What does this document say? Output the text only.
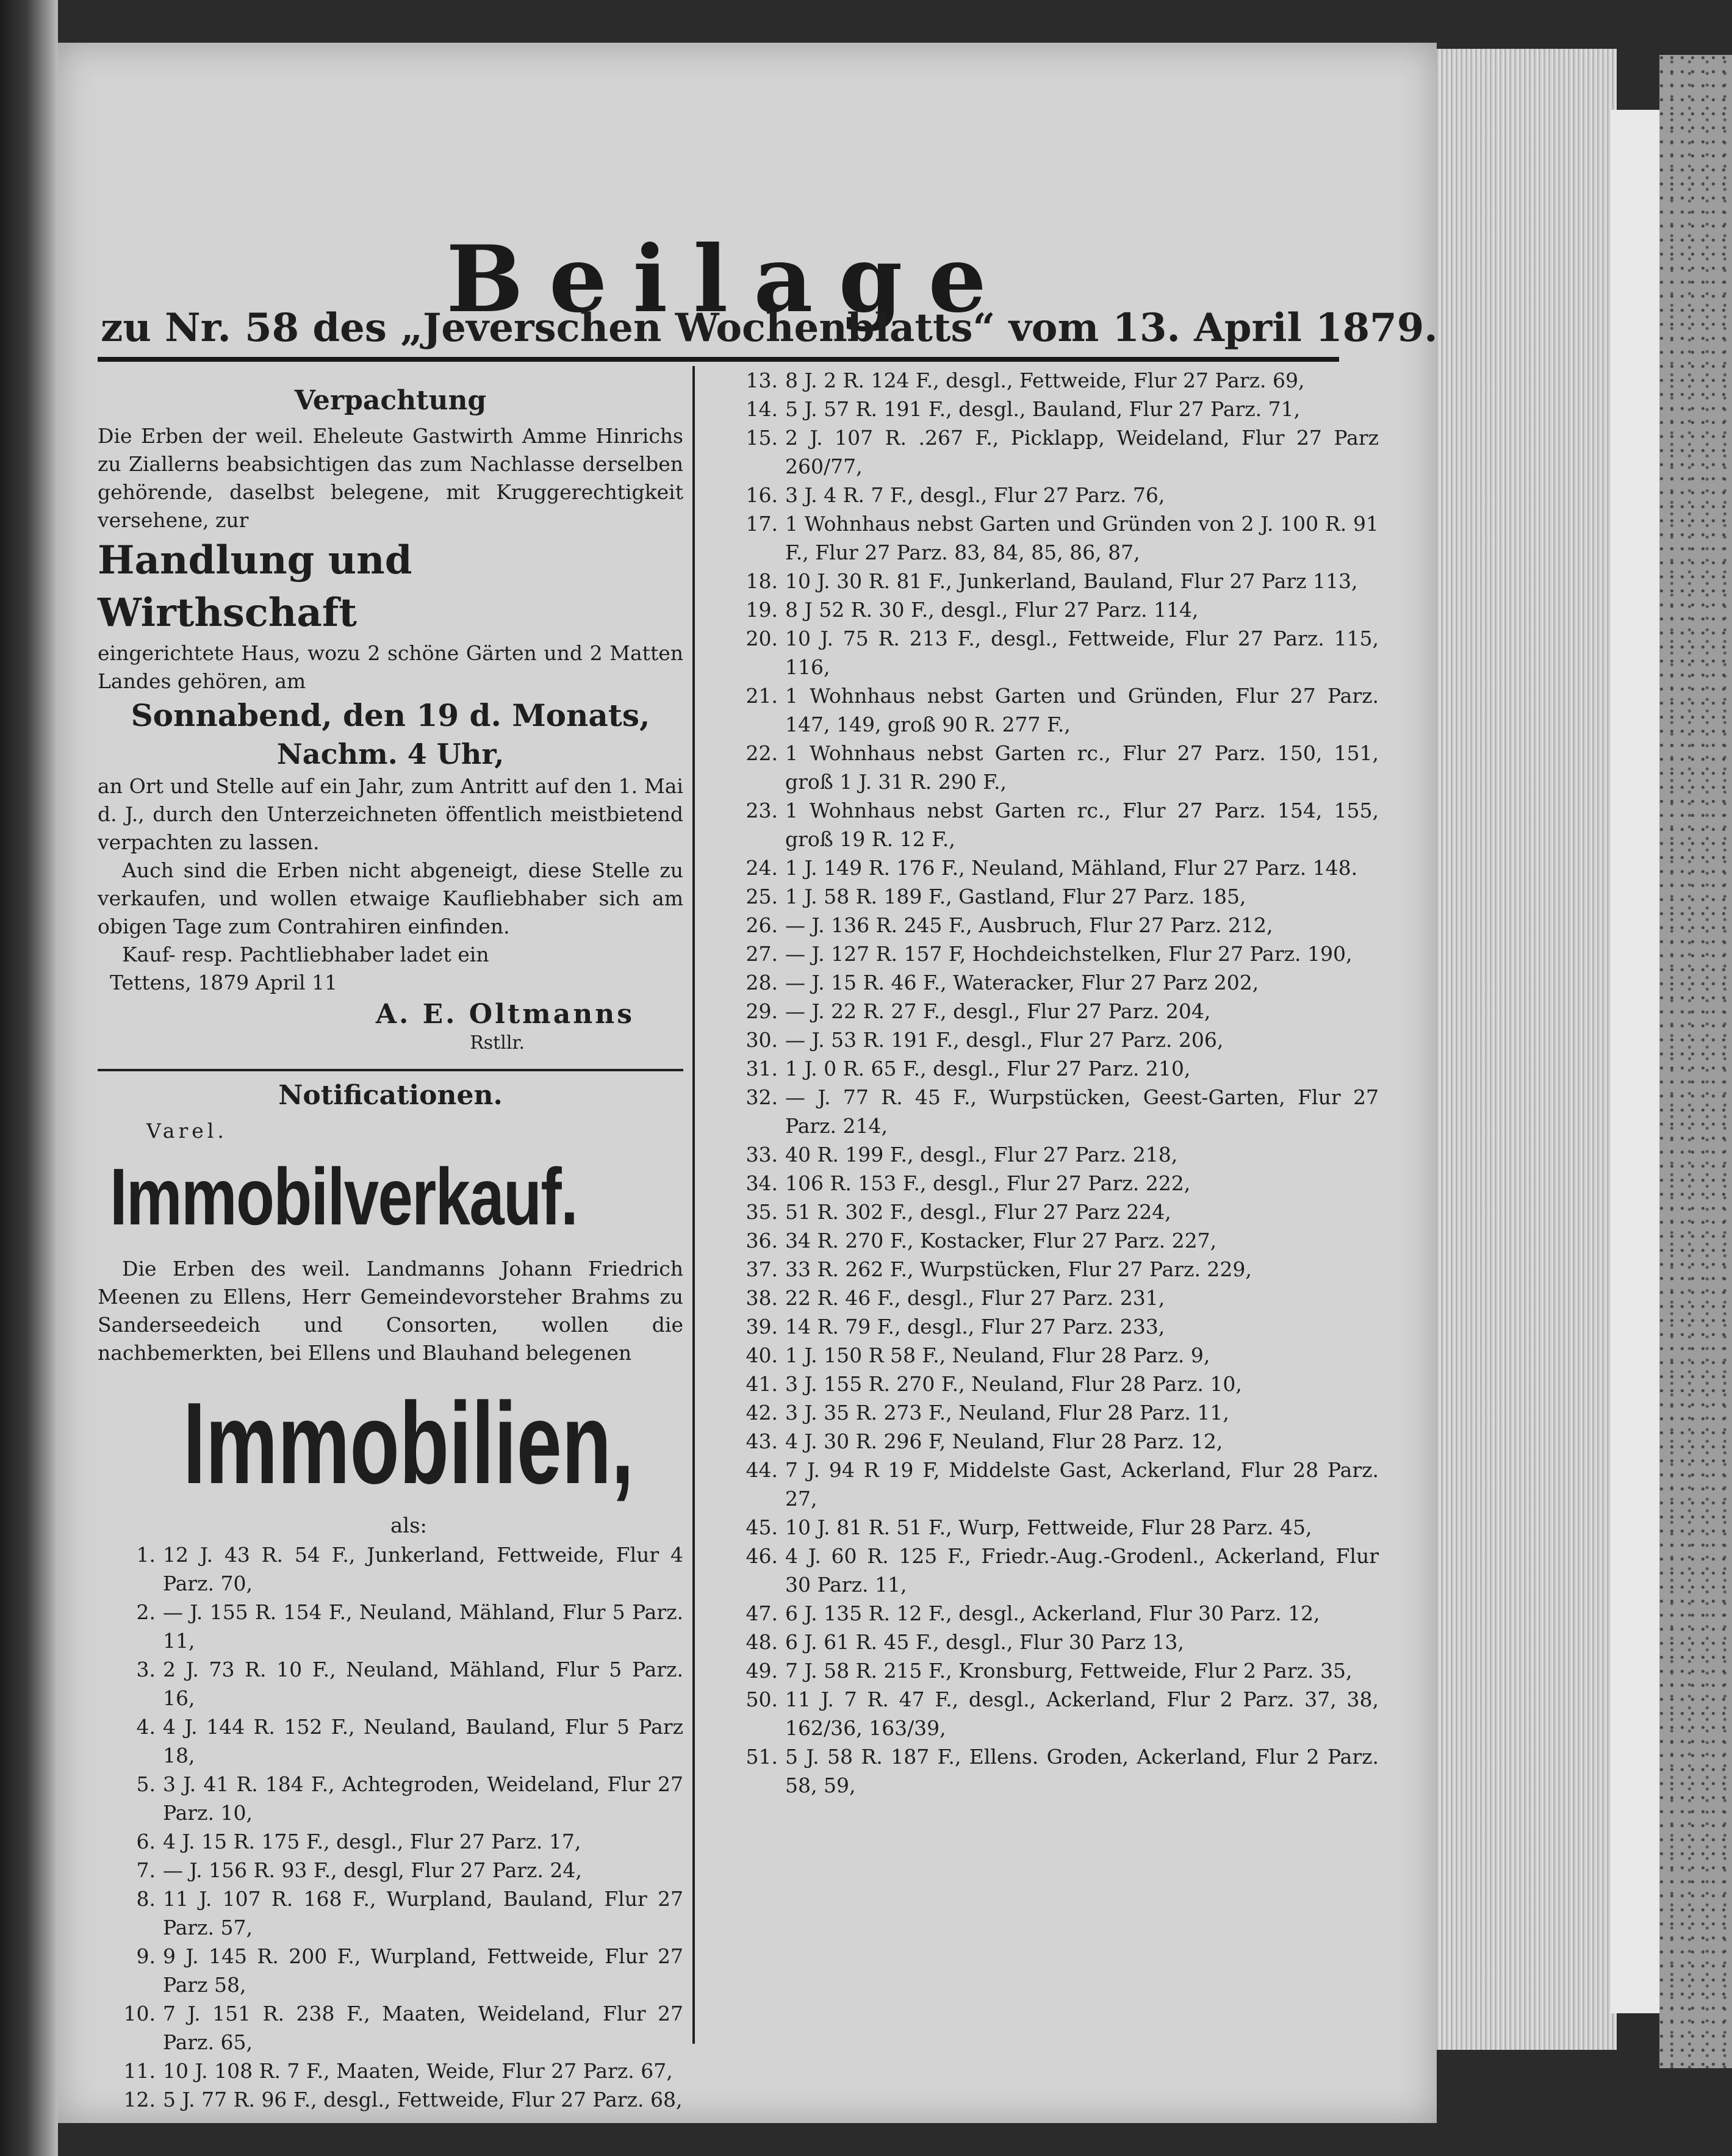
Beilage
zu Nr. 58 des „Jeverschen Wochenblatts“ vom 13. April 1879.
Verpachtung

Die Erben der weil. Eheleute Gastwirth Amme Hinrichs zu Ziallerns beabsichtigen das zum Nachlasse derselben gehörende, daselbst belegene, mit Kruggerechtigkeit versehene, zur

Handlung und Wirthschaft

eingerichtete Haus, wozu 2 schöne Gärten und 2 Matten Landes gehören, am

Sonnabend, den 19 d. Monats,
Nachm. 4 Uhr,

an Ort und Stelle auf ein Jahr, zum Antritt auf den 1. Mai d. J., durch den Unterzeichneten öffentlich meistbietend verpachten zu lassen.

Auch sind die Erben nicht abgeneigt, diese Stelle zu verkaufen, und wollen etwaige Kaufliebhaber sich am obigen Tage zum Contrahiren einfinden.

Kauf- resp. Pachtliebhaber ladet ein

Tettens, 1879 April 11

A. E. Oltmanns
Rstllr.
Notificationen.
Varel.
Immobilverkauf.

Die Erben des weil. Landmanns Johann Friedrich Meenen zu Ellens, Herr Gemeindevorsteher Brahms zu Sanderseedeich und Consorten, wollen die nachbemerkten, bei Ellens und Blauhand belegenen

Immobilien,
als:
1. 12 J. 43 R. 54 F., Junkerland, Fettweide, Flur 4 Parz. 70,
2. — J. 155 R. 154 F., Neuland, Mähland, Flur 5 Parz. 11,
3. 2 J. 73 R. 10 F., Neuland, Mähland, Flur 5 Parz. 16,
4. 4 J. 144 R. 152 F., Neuland, Bauland, Flur 5 Parz 18,
5. 3 J. 41 R. 184 F., Achtegroden, Weideland, Flur 27 Parz. 10,
6. 4 J. 15 R. 175 F., desgl., Flur 27 Parz. 17,
7. — J. 156 R. 93 F., desgl, Flur 27 Parz. 24,
8. 11 J. 107 R. 168 F., Wurpland, Bauland, Flur 27 Parz. 57,
9. 9 J. 145 R. 200 F., Wurpland, Fettweide, Flur 27 Parz 58,
10. 7 J. 151 R. 238 F., Maaten, Weideland, Flur 27 Parz. 65,
11. 10 J. 108 R. 7 F., Maaten, Weide, Flur 27 Parz. 67,
12. 5 J. 77 R. 96 F., desgl., Fettweide, Flur 27 Parz. 68,
13. 8 J. 2 R. 124 F., desgl., Fettweide, Flur 27 Parz. 69,
14. 5 J. 57 R. 191 F., desgl., Bauland, Flur 27 Parz. 71,
15. 2 J. 107 R. .267 F., Picklapp, Weideland, Flur 27 Parz 260/77,
16. 3 J. 4 R. 7 F., desgl., Flur 27 Parz. 76,
17. 1 Wohnhaus nebst Garten und Gründen von 2 J. 100 R. 91 F., Flur 27 Parz. 83, 84, 85, 86, 87,
18. 10 J. 30 R. 81 F., Junkerland, Bauland, Flur 27 Parz 113,
19. 8 J 52 R. 30 F., desgl., Flur 27 Parz. 114,
20. 10 J. 75 R. 213 F., desgl., Fettweide, Flur 27 Parz. 115, 116,
21. 1 Wohnhaus nebst Garten und Gründen, Flur 27 Parz. 147, 149, groß 90 R. 277 F.,
22. 1 Wohnhaus nebst Garten rc., Flur 27 Parz. 150, 151, groß 1 J. 31 R. 290 F.,
23. 1 Wohnhaus nebst Garten rc., Flur 27 Parz. 154, 155, groß 19 R. 12 F.,
24. 1 J. 149 R. 176 F., Neuland, Mähland, Flur 27 Parz. 148.
25. 1 J. 58 R. 189 F., Gastland, Flur 27 Parz. 185,
26. — J. 136 R. 245 F., Ausbruch, Flur 27 Parz. 212,
27. — J. 127 R. 157 F, Hochdeichstelken, Flur 27 Parz. 190,
28. — J. 15 R. 46 F., Wateracker, Flur 27 Parz 202,
29. — J. 22 R. 27 F., desgl., Flur 27 Parz. 204,
30. — J. 53 R. 191 F., desgl., Flur 27 Parz. 206,
31. 1 J. 0 R. 65 F., desgl., Flur 27 Parz. 210,
32. — J. 77 R. 45 F., Wurpstücken, Geest-Garten, Flur 27 Parz. 214,
33. 40 R. 199 F., desgl., Flur 27 Parz. 218,
34. 106 R. 153 F., desgl., Flur 27 Parz. 222,
35. 51 R. 302 F., desgl., Flur 27 Parz 224,
36. 34 R. 270 F., Kostacker, Flur 27 Parz. 227,
37. 33 R. 262 F., Wurpstücken, Flur 27 Parz. 229,
38. 22 R. 46 F., desgl., Flur 27 Parz. 231,
39. 14 R. 79 F., desgl., Flur 27 Parz. 233,
40. 1 J. 150 R 58 F., Neuland, Flur 28 Parz. 9,
41. 3 J. 155 R. 270 F., Neuland, Flur 28 Parz. 10,
42. 3 J. 35 R. 273 F., Neuland, Flur 28 Parz. 11,
43. 4 J. 30 R. 296 F, Neuland, Flur 28 Parz. 12,
44. 7 J. 94 R 19 F, Middelste Gast, Ackerland, Flur 28 Parz. 27,
45. 10 J. 81 R. 51 F., Wurp, Fettweide, Flur 28 Parz. 45,
46. 4 J. 60 R. 125 F., Friedr.-Aug.-Grodenl., Ackerland, Flur 30 Parz. 11,
47. 6 J. 135 R. 12 F., desgl., Ackerland, Flur 30 Parz. 12,
48. 6 J. 61 R. 45 F., desgl., Flur 30 Parz 13,
49. 7 J. 58 R. 215 F., Kronsburg, Fettweide, Flur 2 Parz. 35,
50. 11 J. 7 R. 47 F., desgl., Ackerland, Flur 2 Parz. 37, 38, 162/36, 163/39,
51. 5 J. 58 R. 187 F., Ellens. Groden, Ackerland, Flur 2 Parz. 58, 59,
